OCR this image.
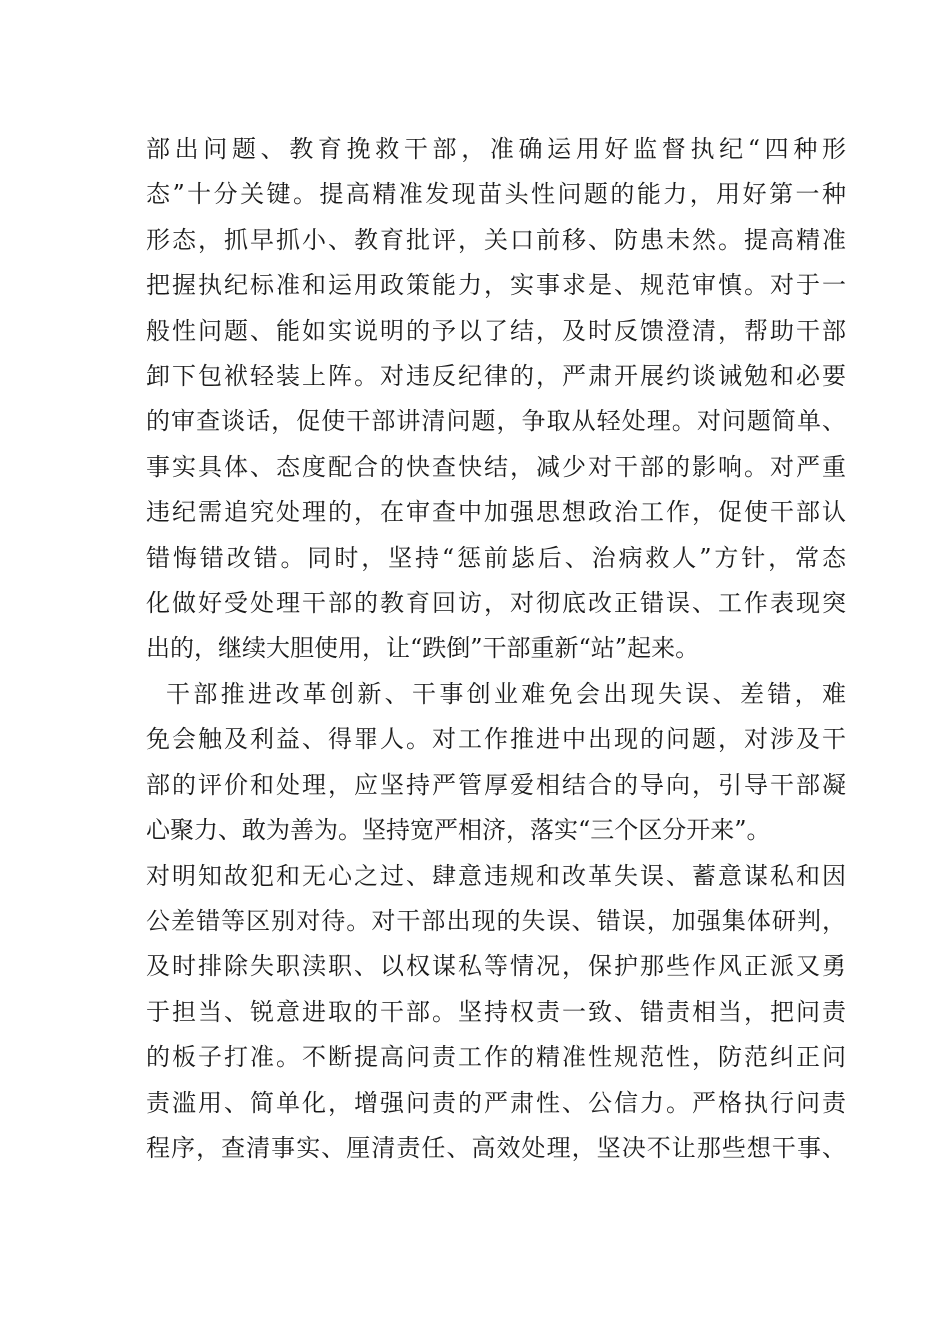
部出问题、教育挽救干部，准确运用好监督执纪“四种形
态”十分关键。提高精准发现苗头性问题的能力，用好第一种
形态，抓早抓小、教育批评，关口前移、防患未然。提高精准
把握执纪标准和运用政策能力，实事求是、规范审慎。对于一
般性问题、能如实说明的予以了结，及时反馈澄清，帮助干部
卸下包袱轻装上阵。对违反纪律的，严肃开展约谈诫勉和必要
的审查谈话，促使干部讲清问题，争取从轻处理。对问题简单、
事实具体、态度配合的快查快结，减少对干部的影响。对严重
违纪需追究处理的，在审查中加强思想政治工作，促使干部认
错悔错改错。同时，坚持“惩前毖后、治病救人”方针，常态
化做好受处理干部的教育回访，对彻底改正错误、工作表现突
出的，继续大胆使用，让“跌倒”干部重新“站”起来。
干部推进改革创新、干事创业难免会出现失误、差错，难
免会触及利益、得罪人。对工作推进中出现的问题，对涉及干
部的评价和处理，应坚持严管厚爱相结合的导向，引导干部凝
心聚力、敢为善为。坚持宽严相济，落实“三个区分开来”。
对明知故犯和无心之过、肆意违规和改革失误、蓄意谋私和因
公差错等区别对待。对干部出现的失误、错误，加强集体研判，
及时排除失职渎职、以权谋私等情况，保护那些作风正派又勇
于担当、锐意进取的干部。坚持权责一致、错责相当，把问责
的板子打准。不断提高问责工作的精准性规范性，防范纠正问
责滥用、简单化，增强问责的严肃性、公信力。严格执行问责
程序，查清事实、厘清责任、高效处理，坚决不让那些想干事、
